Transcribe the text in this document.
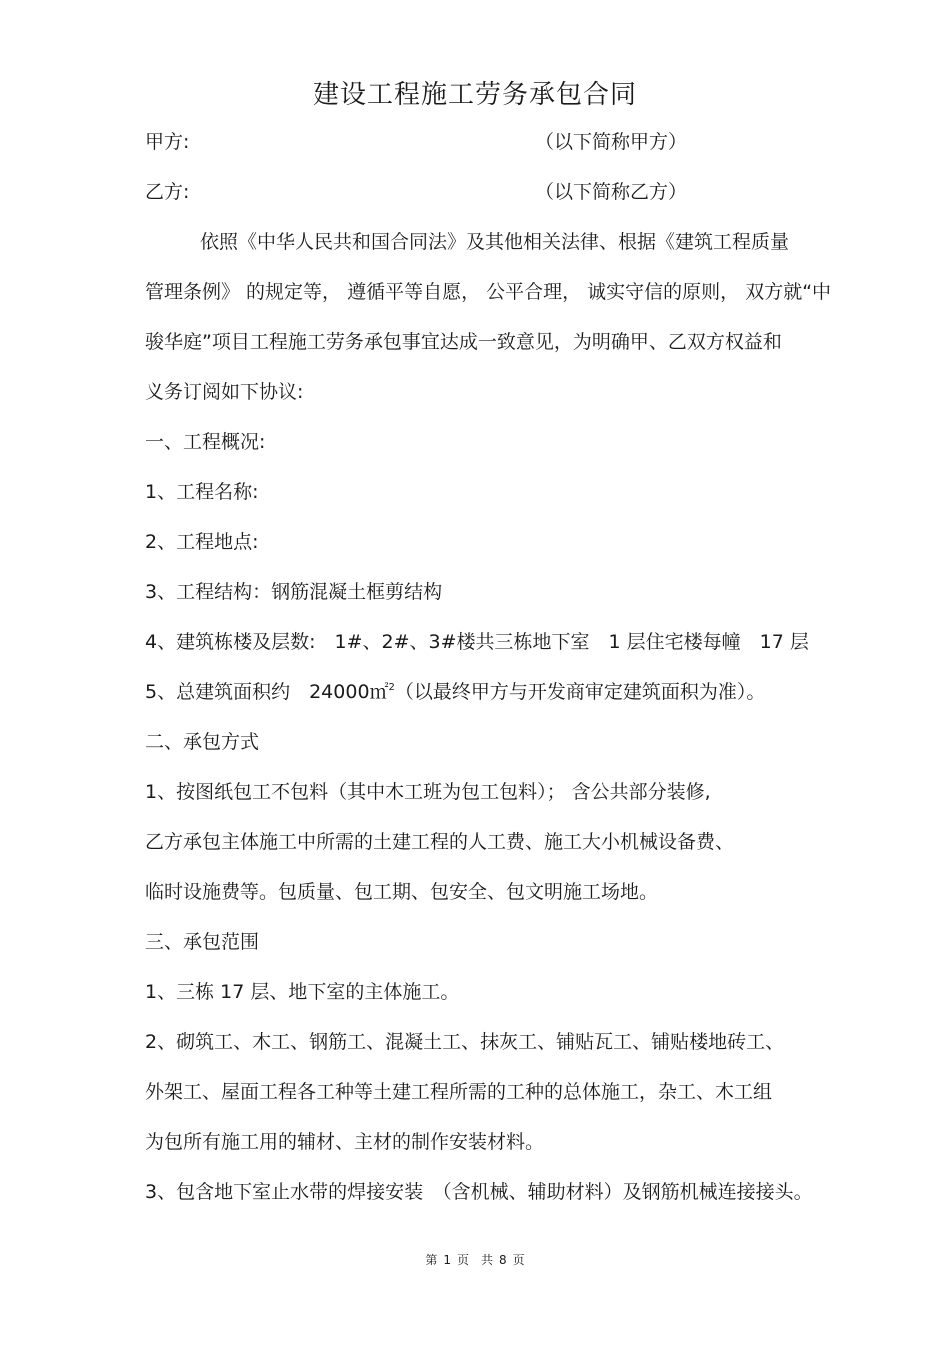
建设工程施工劳务承包合同
甲方:	（以下简称甲方）
乙方:	（以下简称乙方）
依照《中华人民共和国合同法》及其他相关法律、根据《建筑工程质量
管理条例》 的规定等， 遵循平等自愿， 公平合理， 诚实守信的原则， 双方就“中
骏华庭”项目工程施工劳务承包事宜达成一致意见，为明确甲、乙双方权益和
义务订阅如下协议:
一、工程概况:
1、工程名称:
2、工程地点:
3、工程结构：钢筋混凝土框剪结构
4、建筑栋楼及层数:　1#、2#、3#楼共三栋地下室　1 层住宅楼每幢　17 层
5、总建筑面积约　24000㎡$^2$（以最终甲方与开发商审定建筑面积为准）。
二、承包方式
1、按图纸包工不包料（其中木工班为包工包料）； 含公共部分装修,
乙方承包主体施工中所需的土建工程的人工费、施工大小机械设备费、
临时设施费等。包质量、包工期、包安全、包文明施工场地。
三、承包范围
1、三栋 17 层、地下室的主体施工。
2、砌筑工、木工、钢筋工、混凝土工、抹灰工、铺贴瓦工、铺贴楼地砖工、
外架工、屋面工程各工种等土建工程所需的工种的总体施工，杂工、木工组
为包所有施工用的辅材、主材的制作安装材料。
3、包含地下室止水带的焊接安装　（含机械、辅助材料）及钢筋机械连接接头。
第 1 页　共 8 页
